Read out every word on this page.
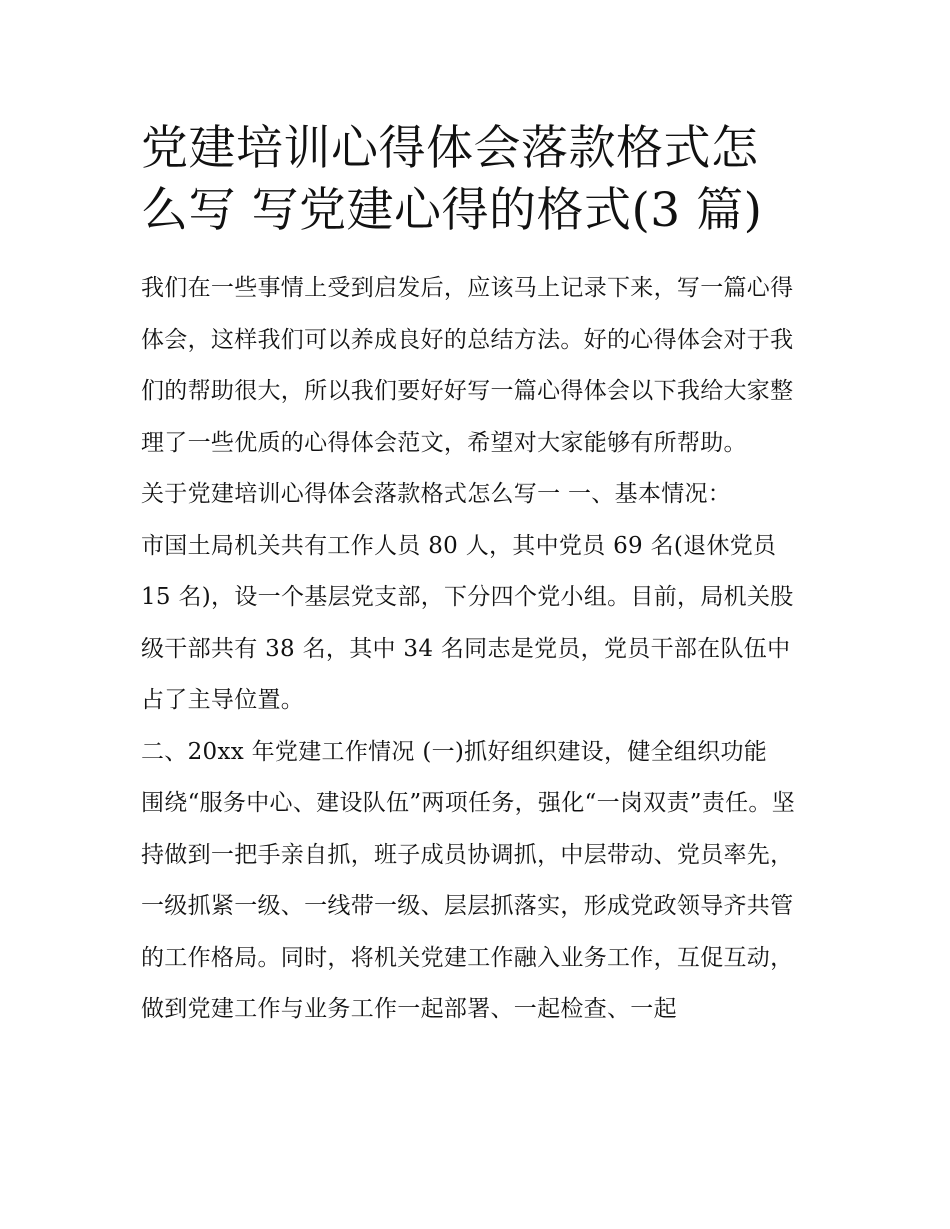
党建培训心得体会落款格式怎
么写 写党建心得的格式(3 篇)

我们在一些事情上受到启发后，应该马上记录下来，写一篇心得体会，这样我们可以养成良好的总结方法。好的心得体会对于我们的帮助很大，所以我们要好好写一篇心得体会以下我给大家整理了一些优质的心得体会范文，希望对大家能够有所帮助。

关于党建培训心得体会落款格式怎么写一 一、基本情况：

市国土局机关共有工作人员 80 人，其中党员 69 名(退休党员 15 名)，设一个基层党支部，下分四个党小组。目前，局机关股级干部共有 38 名，其中 34 名同志是党员，党员干部在队伍中占了主导位置。

二、20xx 年党建工作情况 (一)抓好组织建设，健全组织功能

围绕“服务中心、建设队伍”两项任务，强化“一岗双责”责任。坚持做到一把手亲自抓，班子成员协调抓，中层带动、党员率先，一级抓紧一级、一线带一级、层层抓落实，形成党政领导齐共管的工作格局。同时，将机关党建工作融入业务工作，互促互动，做到党建工作与业务工作一起部署、一起检查、一起
